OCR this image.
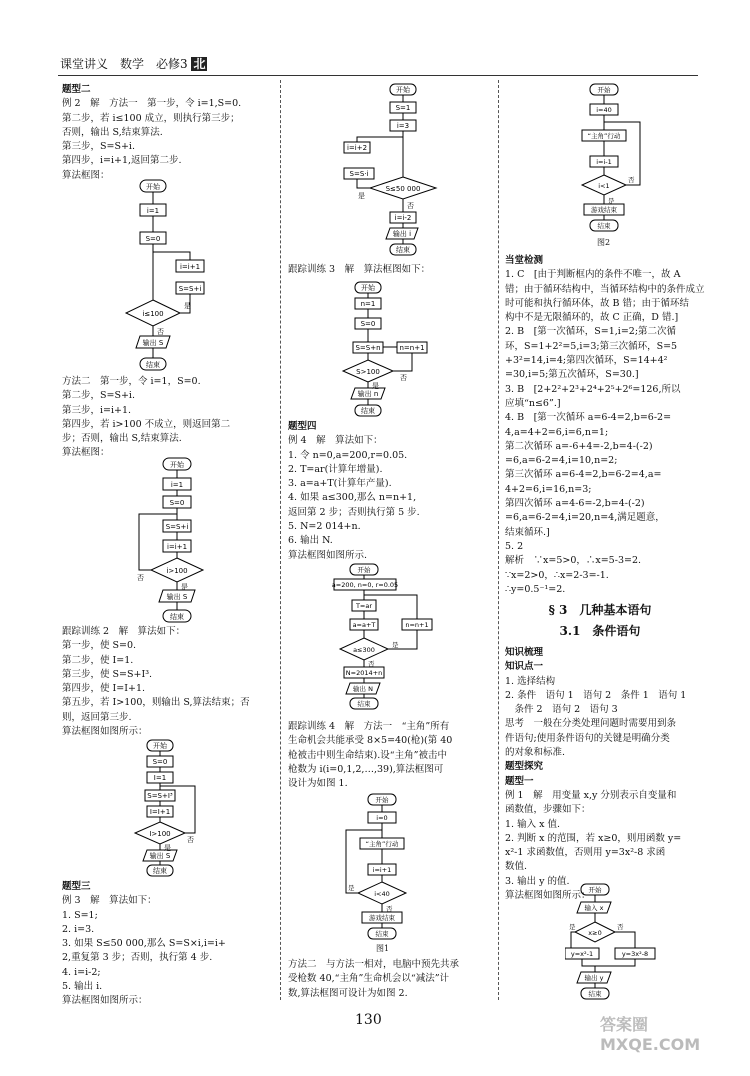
课堂讲义　数学　必修3 北
题型二
例 2　解　方法一　第一步，令 i=1,S=0.
第二步，若 i≤100 成立，则执行第三步；
否则，输出 S,结束算法.
第三步，S=S+i.
第四步，i=i+1,返回第二步.
算法框图：
开始
i=1
S=0
i=i+1
S=S+i
i≤100
是
否
输出 S
结束
方法二　第一步，令 i=1，S=0.
第二步，S=S+i.
第三步，i=i+1.
第四步，若 i>100 不成立，则返回第二
步；否则，输出 S,结束算法.
算法框图：
开始
i=1
S=0
S=S+i
i=i+1
i>100
否
是
输出 S
结束
跟踪训练 2　解　算法如下：
第一步，使 S=0.
第二步，使 I=1.
第三步，使 S=S+I³.
第四步，使 I=I+1.
第五步，若 I>100，则输出 S,算法结束；否
则，返回第三步.
算法框图如图所示：
开始
S=0
I=1
S=S+I³
I=I+1
I>100
否
是
输出 S
结束
题型三
例 3　解　算法如下：
1. S=1;
2. i=3.
3. 如果 S≤50 000,那么 S=S×i,i=i+
2,重复第 3 步；否则，执行第 4 步.
4. i=i-2;
5. 输出 i.
算法框图如图所示：
开始
S=1
i=3
i=i+2
S=S·i
S≤50 000
是
否
i=i-2
输出 i
结束
跟踪训练 3　解　算法框图如下：
开始
n=1
S=0
S=S+n	n=n+1
S>100
否
是
输出 n
结束
题型四
例 4　解　算法如下：
1. 令 n=0,a=200,r=0.05.
2. T=ar(计算年增量).
3. a=a+T(计算年产量).
4. 如果 a≤300,那么 n=n+1,
返回第 2 步；否则执行第 5 步.
5. N=2 014+n.
6. 输出 N.
算法框图如图所示.
开始
a=200, n=0, r=0.05
T=ar
a=a+T	n=n+1
a≤300
是
否
N=2014+n
输出 N
结束
跟踪训练 4　解　方法一　“主角”所有
生命机会共能承受 8×5=40(枪)(第 40
枪被击中则生命结束).设“主角”被击中
枪数为 i(i=0,1,2,…,39),算法框图可
设计为如图 1.
开始
i=0
“主角”行动
i=i+1
i<40
是
否
游戏结束
结束
图1
方法二　与方法一相对，电脑中预先共承
受枪数 40,“主角”生命机会以“减法”计
数,算法框图可设计为如图 2.
开始
i=40
“主角”行动
i=i-1
i<1
否
是
游戏结束
结束
图2
当堂检测
1. C　[由于判断框内的条件不唯一，故 A
错；由于循环结构中，当循环结构中的条件成立
时可能和执行循环体，故 B 错；由于循环结
构中不是无限循环的，故 C 正确，D 错.]
2. B　[第一次循环，S=1,i=2;第二次循
环，S=1+2²=5,i=3;第三次循环，S=5
+3²=14,i=4;第四次循环，S=14+4²
=30,i=5;第五次循环，S=30.]
3. B　[2+2²+2³+2⁴+2⁵+2⁶=126,所以
应填“n≤6”.]
4. B　[第一次循环 a=6-4=2,b=6-2=
4,a=4+2=6,i=6,n=1;
第二次循环 a=-6+4=-2,b=4-(-2)
=6,a=6-2=4,i=10,n=2;
第三次循环 a=6-4=2,b=6-2=4,a=
4+2=6,i=16,n=3;
第四次循环 a=4-6=-2,b=4-(-2)
=6,a=6-2=4,i=20,n=4,满足题意，
结束循环.]
5. 2
解析　∵x=5>0，∴x=5-3=2.
∵x=2>0，∴x=2-3=-1.
∴y=0.5⁻¹=2.
§ 3　几种基本语句
3.1　条件语句
知识梳理
知识点一
1. 选择结构
2. 条件　语句 1　语句 2　条件 1　语句 1
　条件 2　语句 2　语句 3
思考　一般在分类处理问题时需要用到条
件语句;使用条件语句的关键是明确分类
的对象和标准.
题型探究
题型一
例 1　解　用变量 x,y 分别表示自变量和
函数值，步骤如下：
1. 输入 x 值.
2. 判断 x 的范围，若 x≥0，则用函数 y=
x²-1 求函数值，否则用 y=3x²-8 求函
数值.
3. 输出 y 的值.
算法框图如图所示：
开始
输入 x
x≥0
是	否
y=x²-1	y=3x²-8
输出 y
结束
130	答案圈 MXQE.COM
